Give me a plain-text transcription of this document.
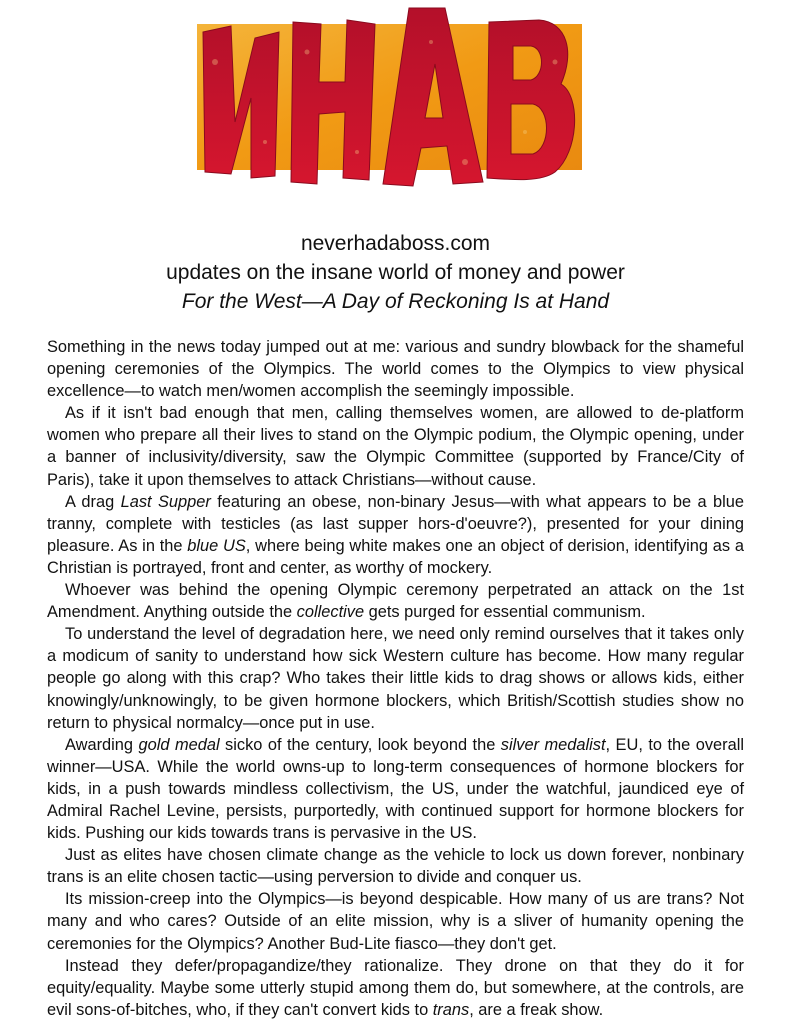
neverhadaboss.com
updates on the insane world of money and power
For the West—A Day of Reckoning Is at Hand

Something in the news today jumped out at me: various and sundry blowback for the shameful opening ceremonies of the Olympics. The world comes to the Olympics to view physical excellence—to watch men/women accomplish the seemingly impossible.

As if it isn't bad enough that men, calling themselves women, are allowed to de-platform women who prepare all their lives to stand on the Olympic podium, the Olympic opening, under a banner of inclusivity/diversity, saw the Olympic Committee (supported by France/City of Paris), take it upon themselves to attack Christians—without cause.

A drag Last Supper featuring an obese, non-binary Jesus—with what appears to be a blue tranny, complete with testicles (as last supper hors-d'oeuvre?), presented for your dining pleasure. As in the blue US, where being white makes one an object of derision, identifying as a Christian is portrayed, front and center, as worthy of mockery.

Whoever was behind the opening Olympic ceremony perpetrated an attack on the 1st Amendment. Anything outside the collective gets purged for essential communism.

To understand the level of degradation here, we need only remind ourselves that it takes only a modicum of sanity to understand how sick Western culture has become. How many regular people go along with this crap? Who takes their little kids to drag shows or allows kids, either knowingly/unknowingly, to be given hormone blockers, which British/Scottish studies show no return to physical normalcy—once put in use.

Awarding gold medal sicko of the century, look beyond the silver medalist, EU, to the overall winner—USA. While the world owns-up to long-term consequences of hormone blockers for kids, in a push towards mindless collectivism, the US, under the watchful, jaundiced eye of Admiral Rachel Levine, persists, purportedly, with continued support for hormone blockers for kids. Pushing our kids towards trans is pervasive in the US.

Just as elites have chosen climate change as the vehicle to lock us down forever, nonbinary trans is an elite chosen tactic—using perversion to divide and conquer us.

Its mission-creep into the Olympics—is beyond despicable. How many of us are trans? Not many and who cares? Outside of an elite mission, why is a sliver of humanity opening the ceremonies for the Olympics? Another Bud-Lite fiasco—they don't get.

Instead they defer/propagandize/they rationalize. They drone on that they do it for equity/equality. Maybe some utterly stupid among them do, but somewhere, at the controls, are evil sons-of-bitches, who, if they can't convert kids to trans, are a freak show.
